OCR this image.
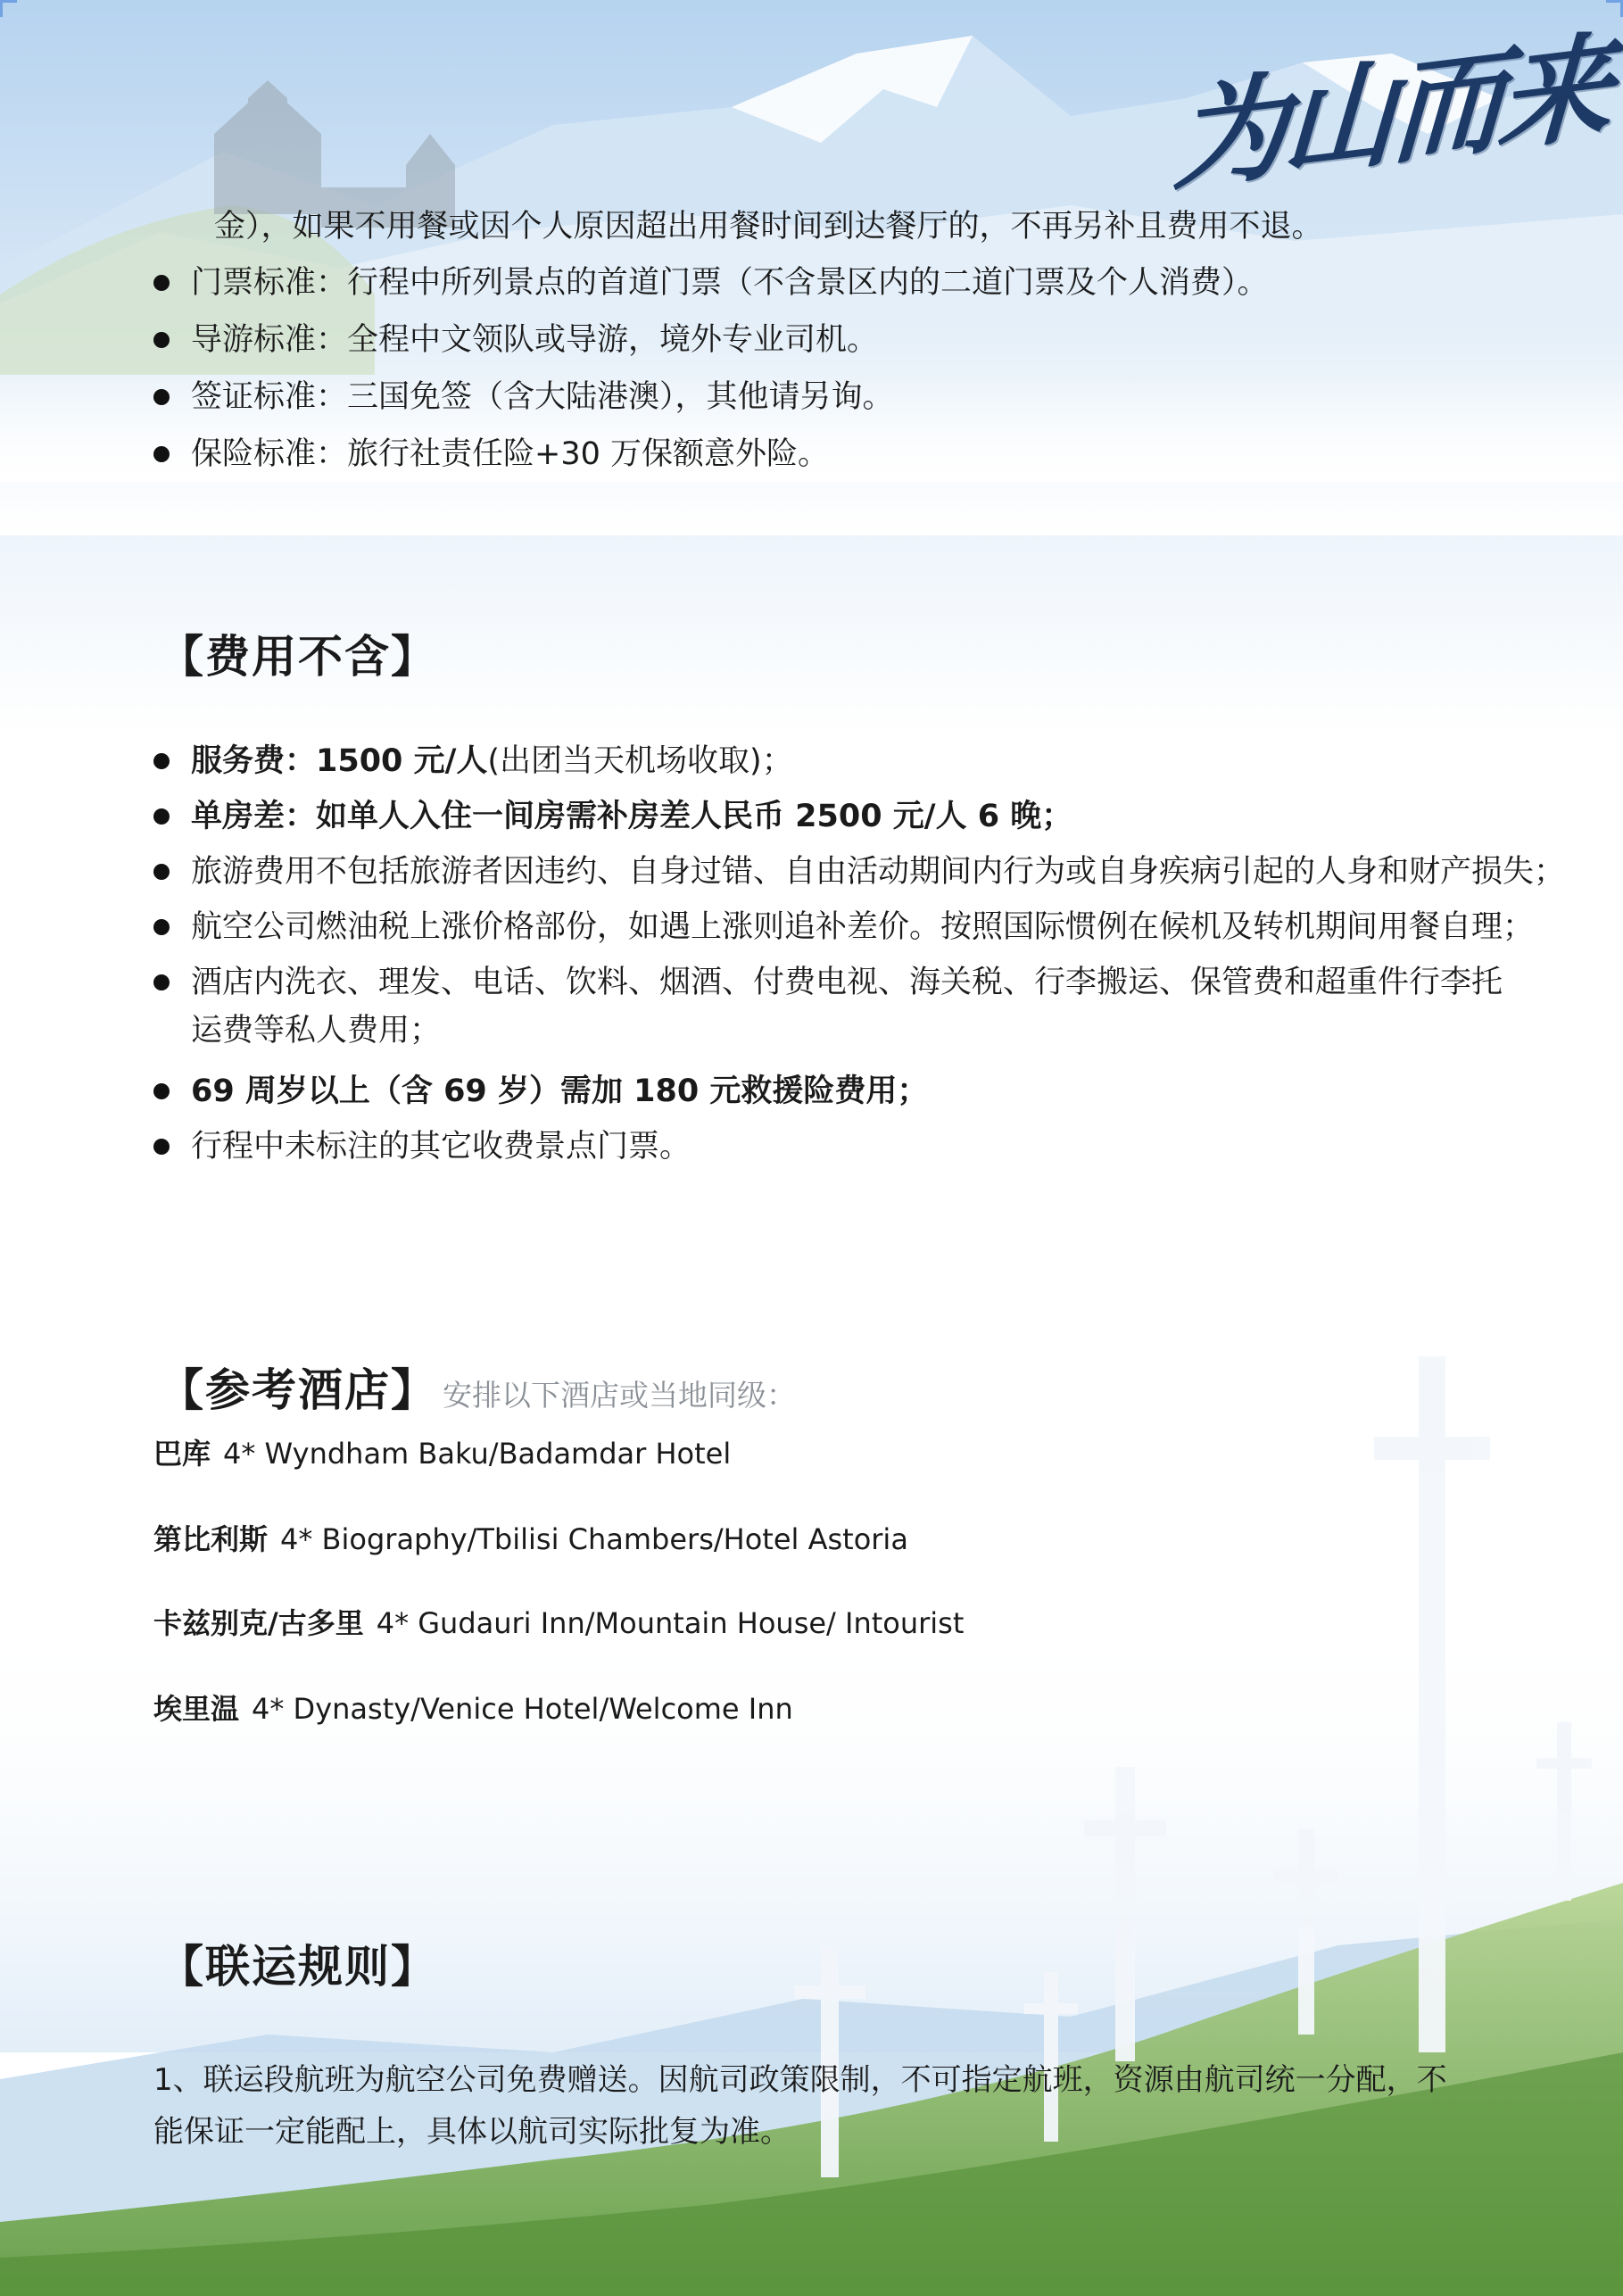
为山而来
金），如果不用餐或因个人原因超出用餐时间到达餐厅的，不再另补且费用不退。
门票标准：行程中所列景点的首道门票（不含景区内的二道门票及个人消费）。
导游标准：全程中文领队或导游，境外专业司机。
签证标准：三国免签（含大陆港澳），其他请另询。
保险标准：旅行社责任险+30 万保额意外险。
【费用不含】
服务费：1500 元/人(出团当天机场收取)；
单房差：如单人入住一间房需补房差人民币 2500 元/人 6 晚；
旅游费用不包括旅游者因违约、自身过错、自由活动期间内行为或自身疾病引起的人身和财产损失；
航空公司燃油税上涨价格部份，如遇上涨则追补差价。按照国际惯例在候机及转机期间用餐自理；
酒店内洗衣、理发、电话、饮料、烟酒、付费电视、海关税、行李搬运、保管费和超重件行李托运费等私人费用；
69 周岁以上（含 69 岁）需加 180 元救援险费用；
行程中未标注的其它收费景点门票。
【参考酒店】 安排以下酒店或当地同级：
巴库 4* Wyndham Baku/Badamdar Hotel
第比利斯 4* Biography/Tbilisi Chambers/Hotel Astoria
卡兹别克/古多里 4* Gudauri Inn/Mountain House/ Intourist
埃里温 4* Dynasty/Venice Hotel/Welcome Inn
【联运规则】
1、联运段航班为航空公司免费赠送。因航司政策限制，不可指定航班，资源由航司统一分配，不能保证一定能配上，具体以航司实际批复为准。
